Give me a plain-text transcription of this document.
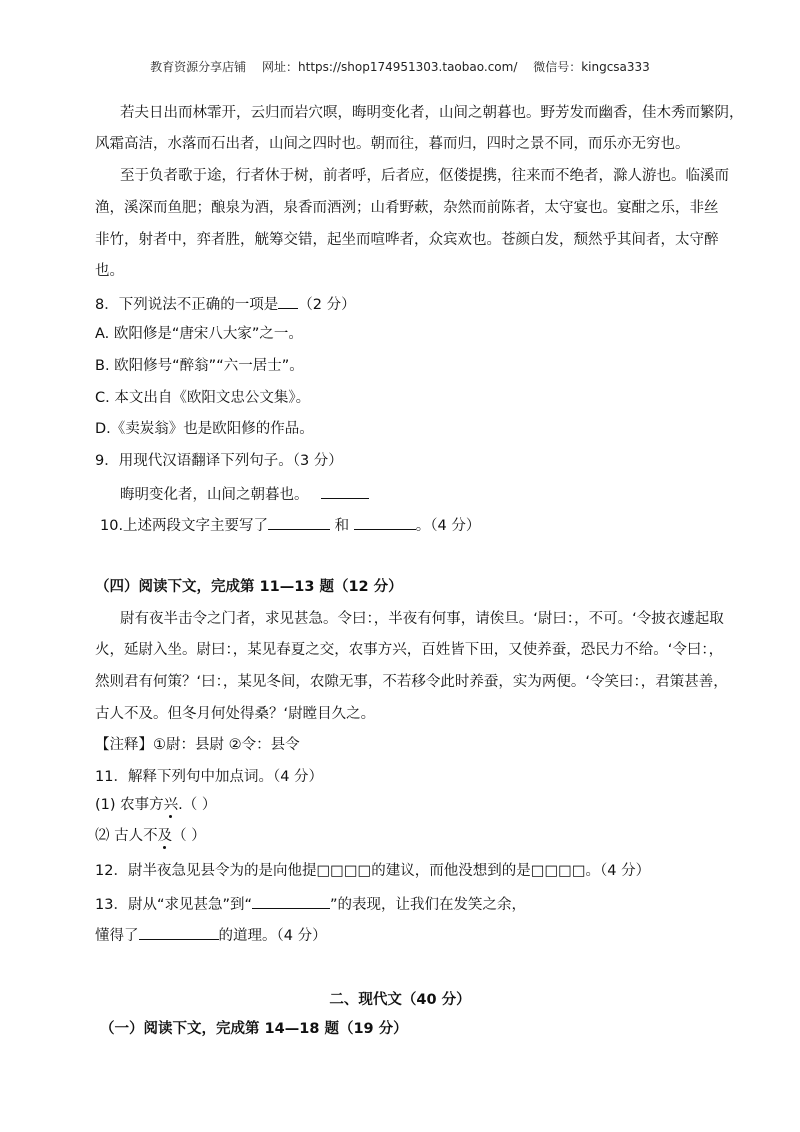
教育资源分享店铺 网址：https://shop174951303.taobao.com/ 微信号：kingcsa333
若夫日出而林霏开，云归而岩穴暝，晦明变化者，山间之朝暮也。野芳发而幽香，佳木秀而繁阴，
风霜高洁，水落而石出者，山间之四时也。朝而往，暮而归，四时之景不同，而乐亦无穷也。
至于负者歌于途，行者休于树，前者呼，后者应，伛偻提携，往来而不绝者，滁人游也。临溪而
渔，溪深而鱼肥；酿泉为酒，泉香而酒洌；山肴野蔌，杂然而前陈者，太守宴也。宴酣之乐，非丝
非竹，射者中，弈者胜，觥筹交错，起坐而喧哗者，众宾欢也。苍颜白发，颓然乎其间者，太守醉
也。
8．下列说法不正确的一项是 （2 分）
A. 欧阳修是“唐宋八大家”之一。
B. 欧阳修号“醉翁”“六一居士”。
C. 本文出自《欧阳文忠公文集》。
D.《卖炭翁》也是欧阳修的作品。
9．用现代汉语翻译下列句子。（3 分）
晦明变化者，山间之朝暮也。
10.上述两段文字主要写了	和	。（4 分）
（四）阅读下文，完成第 11—13 题（12 分）
尉有夜半击令之门者，求见甚急。令曰：，半夜有何事，请俟旦。‘尉曰：，不可。‘令披衣遽起取
火，延尉入坐。尉曰：，某见春夏之交，农事方兴，百姓皆下田，又使养蚕，恐民力不给。‘令曰：，
然则君有何策？‘曰：，某见冬间，农隙无事，不若移令此时养蚕，实为两便。‘令笑曰：，君策甚善，
古人不及。但冬月何处得桑？‘尉瞠目久之。
【注释】①尉：县尉 ②令：县令
11．解释下列句中加点词。（4 分）
(1) 农事方兴.（ ）
⑵ 古人不及（ ）
12．尉半夜急见县令为的是向他提□□□□的建议，而他没想到的是□□□□。（4 分）
13．尉从“求见甚急”到“	”的表现，让我们在发笑之余，
懂得了	的道理。（4 分）
二、现代文（40 分）
（一）阅读下文，完成第 14—18 题（19 分）
